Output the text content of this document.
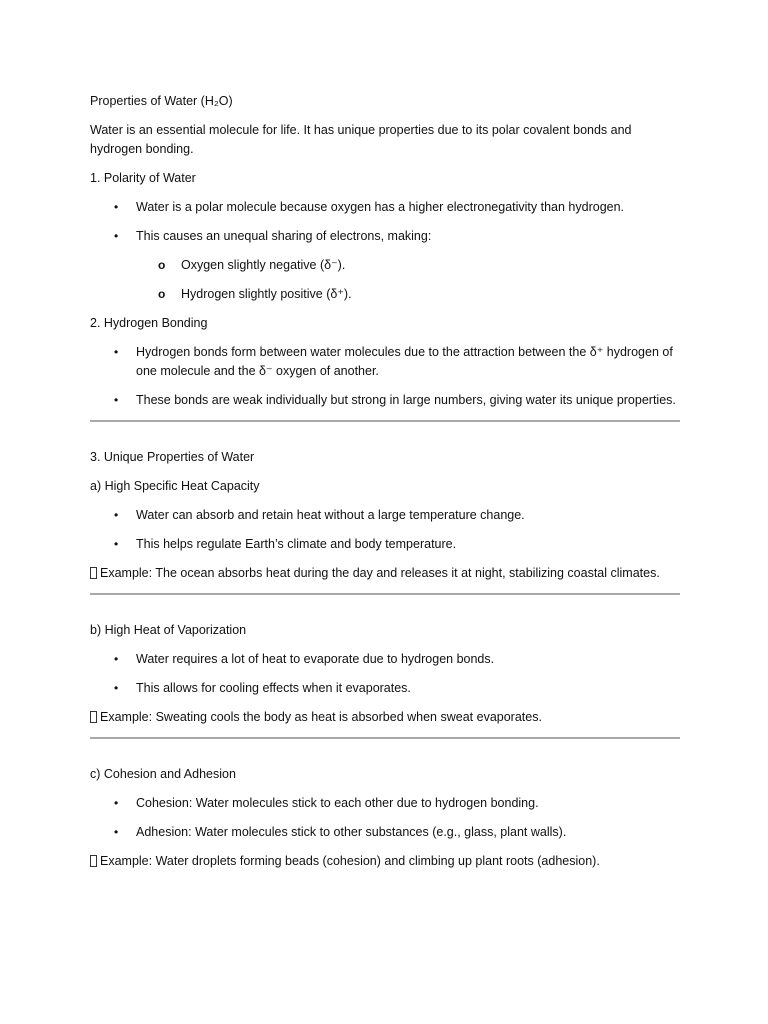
Properties of Water (H₂O)

Water is an essential molecule for life. It has unique properties due to its polar covalent bonds and hydrogen bonding.

1. Polarity of Water

• Water is a polar molecule because oxygen has a higher electronegativity than hydrogen.
• This causes an unequal sharing of electrons, making:
o Oxygen slightly negative (δ⁻).
o Hydrogen slightly positive (δ⁺).

2. Hydrogen Bonding

• Hydrogen bonds form between water molecules due to the attraction between the δ⁺ hydrogen of one molecule and the δ⁻ oxygen of another.
• These bonds are weak individually but strong in large numbers, giving water its unique properties.

3. Unique Properties of Water

a) High Specific Heat Capacity

• Water can absorb and retain heat without a large temperature change.
• This helps regulate Earth’s climate and body temperature.

Example: The ocean absorbs heat during the day and releases it at night, stabilizing coastal climates.

b) High Heat of Vaporization

• Water requires a lot of heat to evaporate due to hydrogen bonds.
• This allows for cooling effects when it evaporates.

Example: Sweating cools the body as heat is absorbed when sweat evaporates.

c) Cohesion and Adhesion

• Cohesion: Water molecules stick to each other due to hydrogen bonding.
• Adhesion: Water molecules stick to other substances (e.g., glass, plant walls).

Example: Water droplets forming beads (cohesion) and climbing up plant roots (adhesion).
